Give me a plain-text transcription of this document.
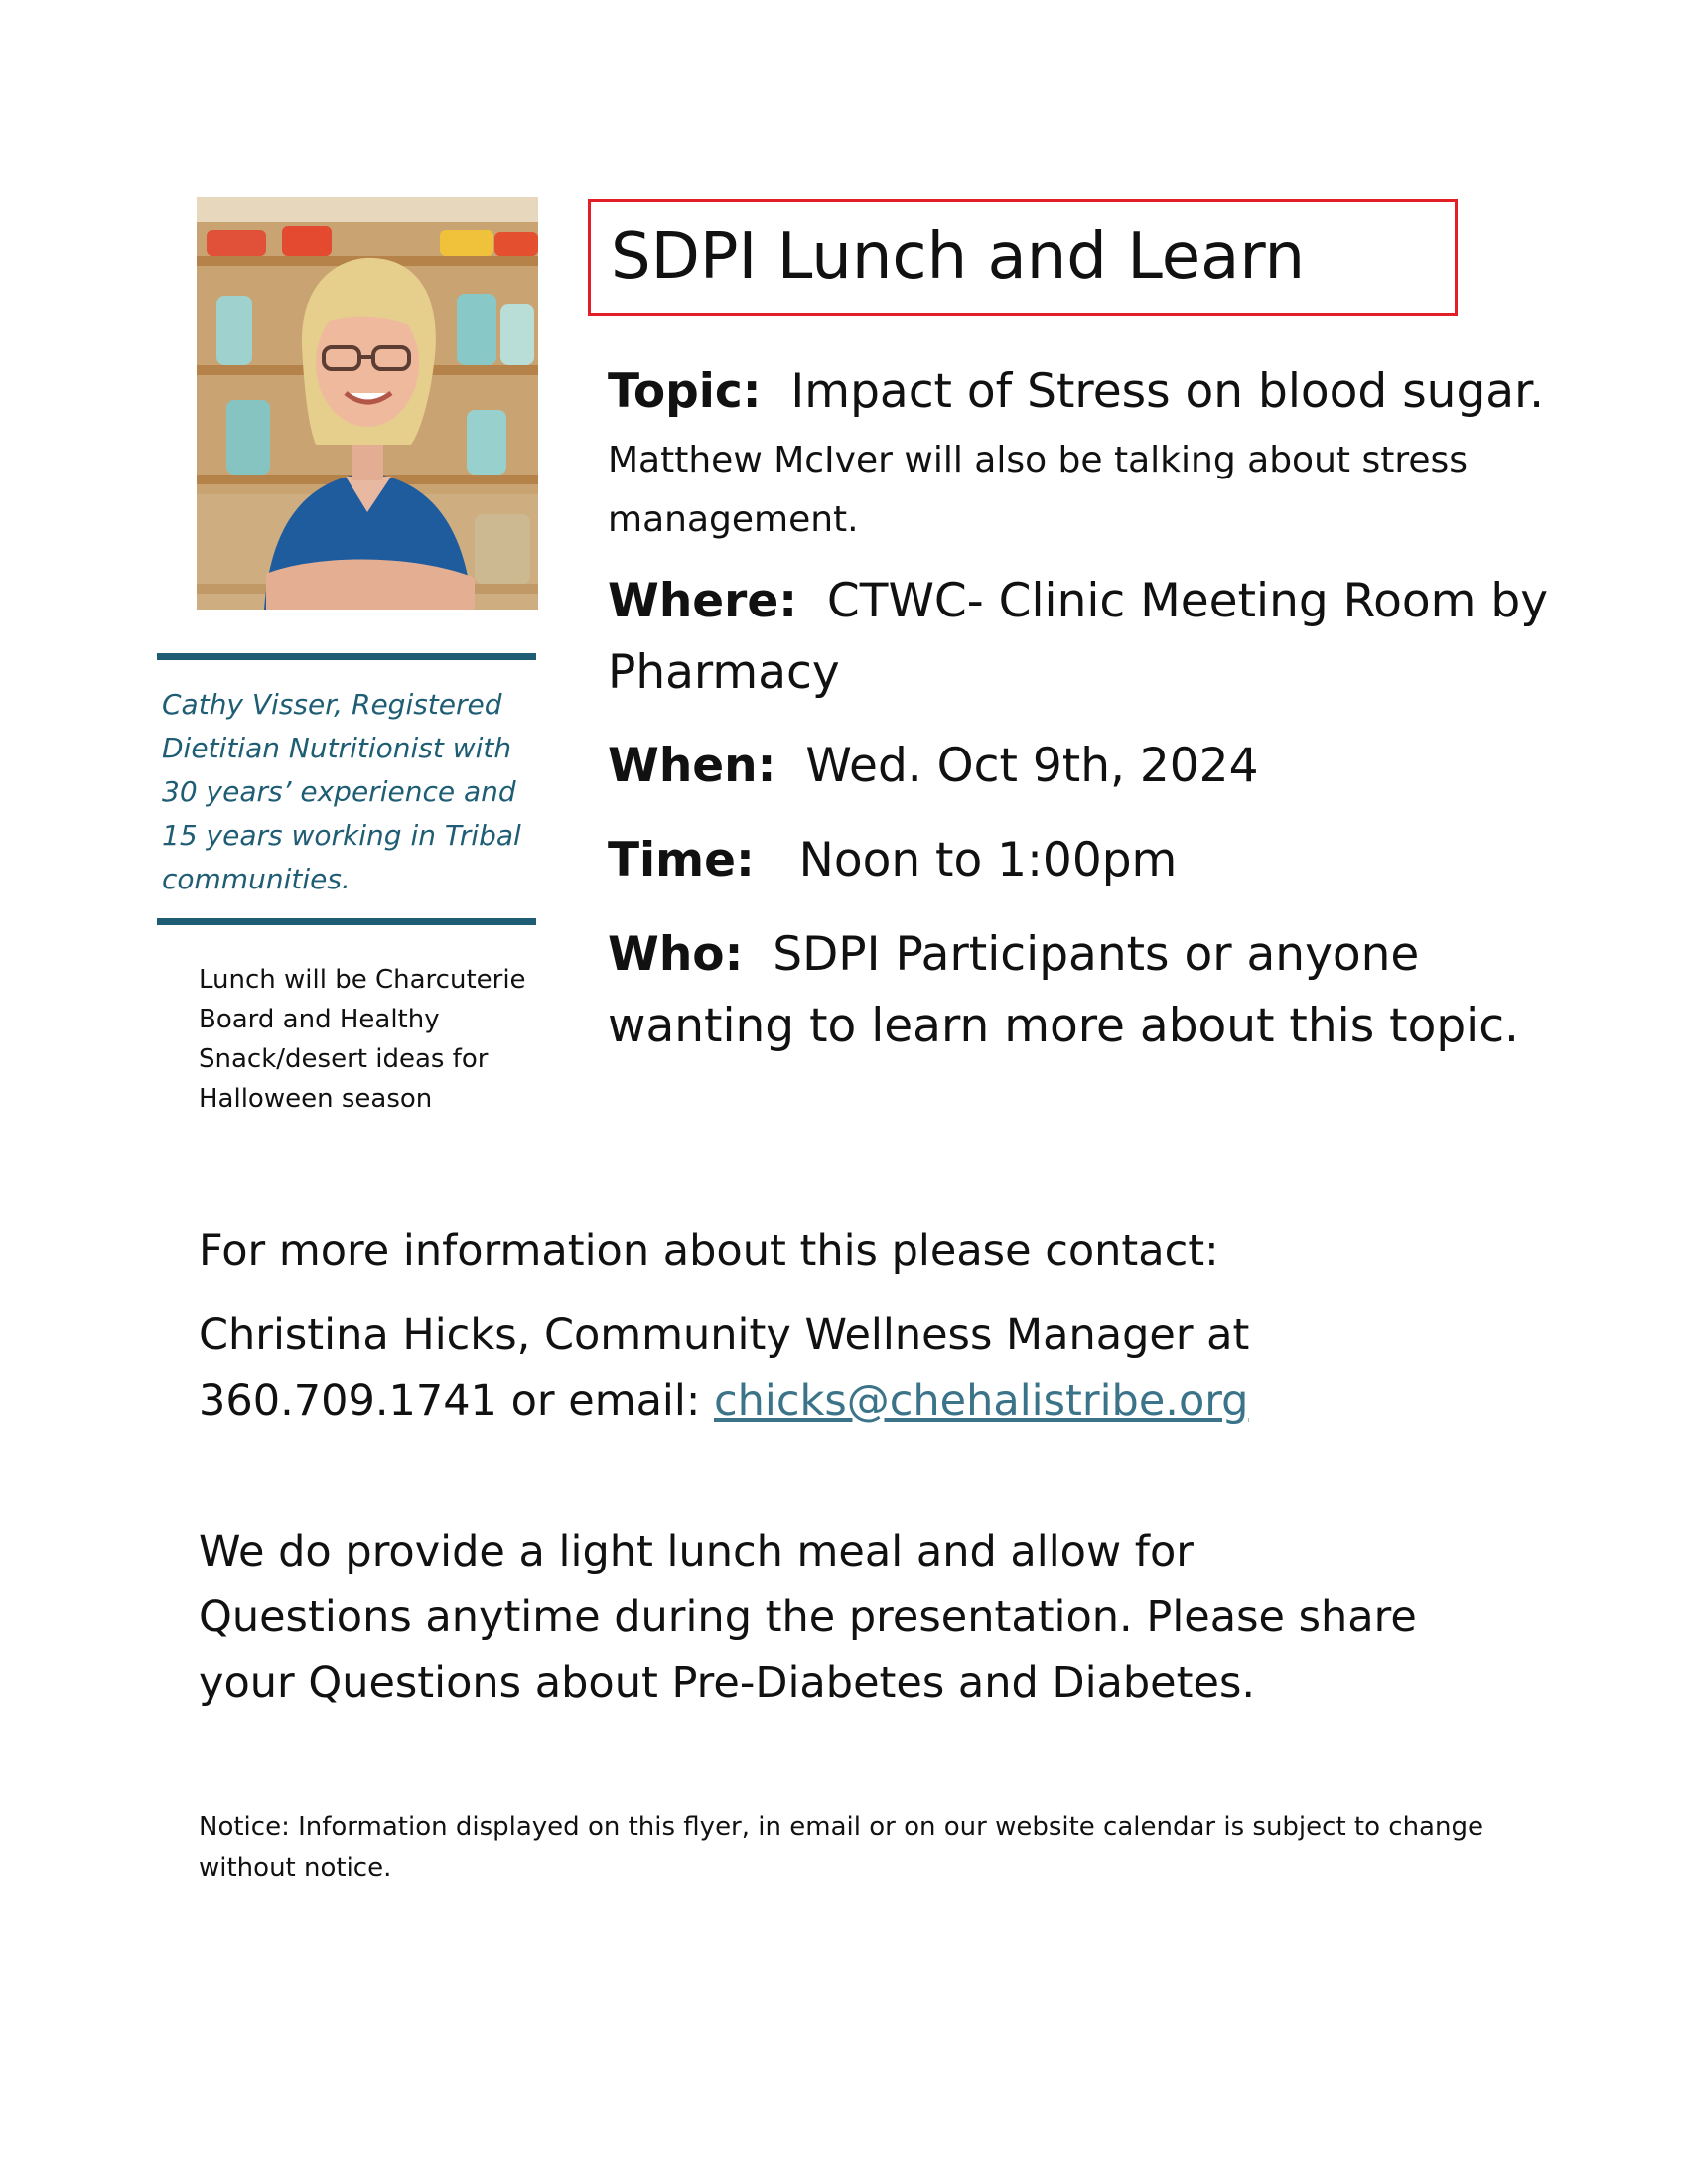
Cathy Visser, Registered Dietitian Nutritionist with 30 years’ experience and 15 years working in Tribal communities.
Lunch will be Charcuterie Board and Healthy Snack/desert ideas for Halloween season
SDPI Lunch and Learn
Topic: Impact of Stress on blood sugar.
Matthew McIver will also be talking about stress management.
Where: CTWC- Clinic Meeting Room by Pharmacy
When: Wed. Oct 9th, 2024
Time: Noon to 1:00pm
Who: SDPI Participants or anyone wanting to learn more about this topic.
For more information about this please contact:
Christina Hicks, Community Wellness Manager at 360.709.1741 or email: chicks@chehalistribe.org
We do provide a light lunch meal and allow for Questions anytime during the presentation. Please share your Questions about Pre-Diabetes and Diabetes.
Notice: Information displayed on this flyer, in email or on our website calendar is subject to change without notice.
